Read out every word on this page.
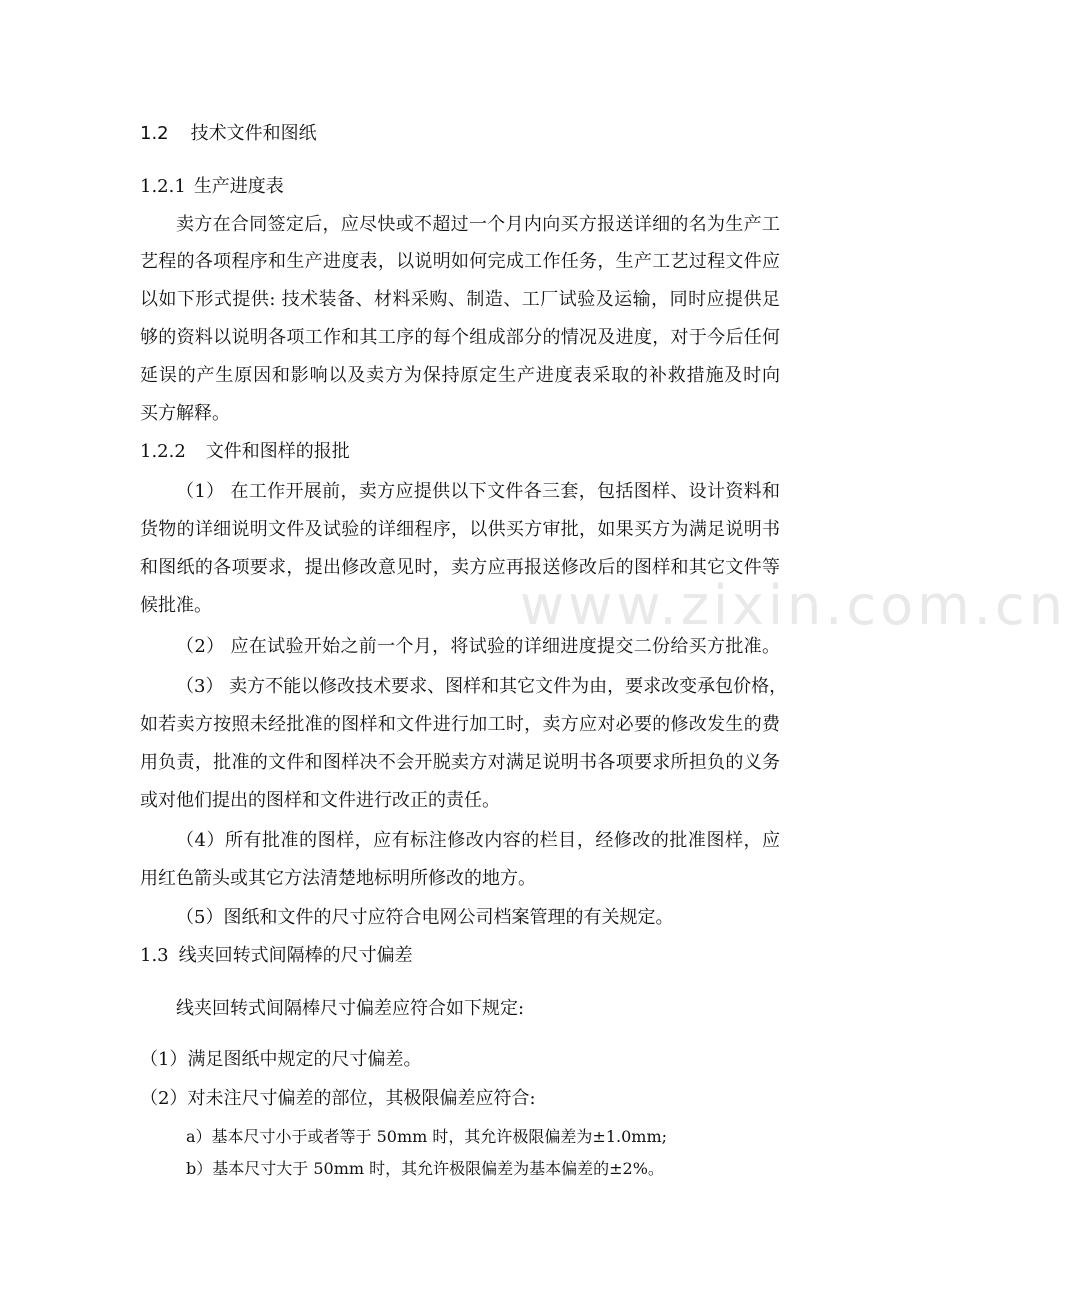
www.zixin.com.cn
1.2 技术文件和图纸
1.2.1 生产进度表
卖方在合同签定后，应尽快或不超过一个月内向买方报送详细的名为生产工
艺程的各项程序和生产进度表，以说明如何完成工作任务，生产工艺过程文件应
以如下形式提供: 技术装备、材料采购、制造、工厂试验及运输，同时应提供足
够的资料以说明各项工作和其工序的每个组成部分的情况及进度，对于今后任何
延误的产生原因和影响以及卖方为保持原定生产进度表采取的补救措施及时向
买方解释。
1.2.2 文件和图样的报批
（1） 在工作开展前，卖方应提供以下文件各三套，包括图样、设计资料和
货物的详细说明文件及试验的详细程序，以供买方审批，如果买方为满足说明书
和图纸的各项要求，提出修改意见时，卖方应再报送修改后的图样和其它文件等
候批准。
（2） 应在试验开始之前一个月，将试验的详细进度提交二份给买方批准。
（3） 卖方不能以修改技术要求、图样和其它文件为由，要求改变承包价格，
如若卖方按照未经批准的图样和文件进行加工时，卖方应对必要的修改发生的费
用负责，批准的文件和图样决不会开脱卖方对满足说明书各项要求所担负的义务
或对他们提出的图样和文件进行改正的责任。
（4）所有批准的图样，应有标注修改内容的栏目，经修改的批准图样，应
用红色箭头或其它方法清楚地标明所修改的地方。
（5）图纸和文件的尺寸应符合电网公司档案管理的有关规定。
1.3 线夹回转式间隔棒的尺寸偏差
线夹回转式间隔棒尺寸偏差应符合如下规定:
（1）满足图纸中规定的尺寸偏差。
（2）对未注尺寸偏差的部位，其极限偏差应符合:
a）基本尺寸小于或者等于 50mm 时，其允许极限偏差为±1.0mm;
b）基本尺寸大于 50mm 时，其允许极限偏差为基本偏差的±2%。
